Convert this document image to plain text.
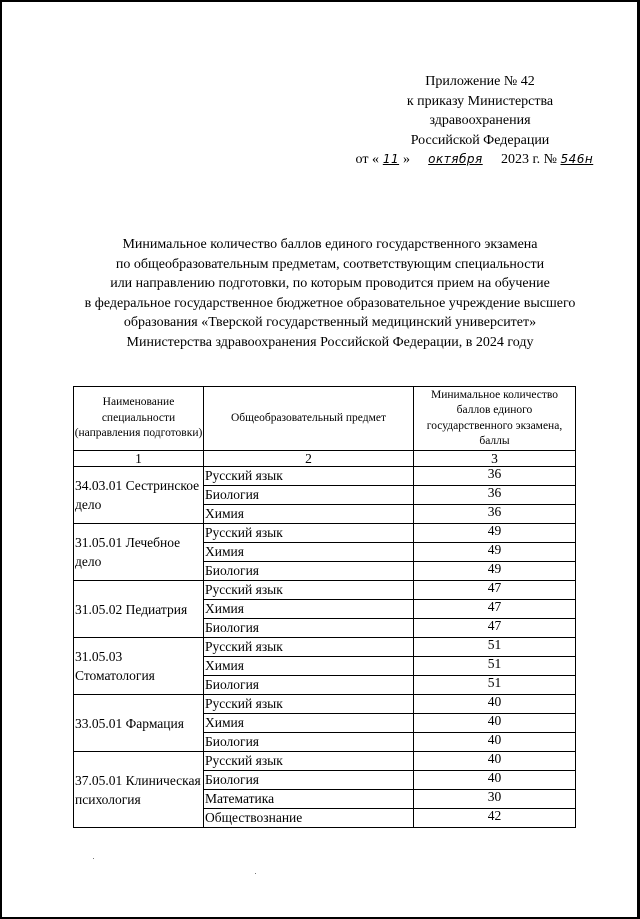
Приложение № 42
к приказу Министерства
здравоохранения
Российской Федерации
от « 11 » октября 2023 г. № 546н
Минимальное количество баллов единого государственного экзамена
по общеобразовательным предметам, соответствующим специальности
или направлению подготовки, по которым проводится прием на обучение
в федеральное государственное бюджетное образовательное учреждение высшего
образования «Тверской государственный медицинский университет»
Министерства здравоохранения Российской Федерации, в 2024 году
Наименование специальности (направления подготовки)	Общеобразовательный предмет	Минимальное количество баллов единого государственного экзамена, баллы
1	2	3
34.03.01 Сестринское дело	Русский язык	36
	Биология	36
	Химия	36
31.05.01 Лечебное дело	Русский язык	49
	Химия	49
	Биология	49
31.05.02 Педиатрия	Русский язык	47
	Химия	47
	Биология	47
31.05.03 Стоматология	Русский язык	51
	Химия	51
	Биология	51
33.05.01 Фармация	Русский язык	40
	Химия	40
	Биология	40
37.05.01 Клиническая психология	Русский язык	40
	Биология	40
	Математика	30
	Обществознание	42
